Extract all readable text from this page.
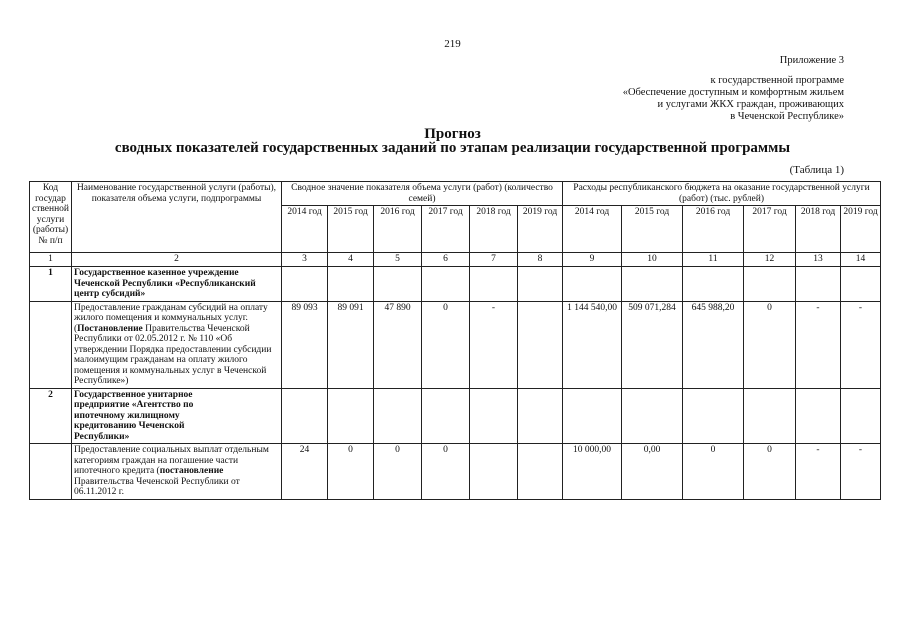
219
Приложение 3
к государственной программе
«Обеспечение доступным и комфортным жильем
и услугами ЖКХ граждан, проживающих
в Чеченской Республике»
Прогноз
сводных показателей государственных заданий по этапам реализации государственной программы
(Таблица 1)
Код государ ственной услуги (работы) № п/п	Наименование государственной услуги (работы), показателя объема услуги, подпрограммы	Сводное значение показателя объема услуги (работ) (количество семей)						Расходы республиканского бюджета на оказание государственной услуги (работ) (тыс. рублей)					
		2014 год	2015 год	2016 год	2017 год	2018 год	2019 год	2014 год	2015 год	2016 год	2017 год	2018 год	2019 год
1	2	3	4	5	6	7	8	9	10	11	12	13	14
1	Государственное казенное учреждение Чеченской Республики «Республиканский центр субсидий»												
	Предоставление гражданам субсидий на оплату жилого помещения и коммунальных услуг. (Постановление Правительства Чеченской Республики от 02.05.2012 г. № 110 «Об утверждении Порядка предоставлении субсидии малоимущим гражданам на оплату жилого помещения и коммунальных услуг в Чеченской Республике»)	89 093	89 091	47 890	0	-		1 144 540,00	509 071,284	645 988,20	0	-	-
2	Государственное унитарное предприятие «Агентство по ипотечному жилищному кредитованию Чеченской Республики»												
	Предоставление социальных выплат отдельным категориям граждан на погашение части ипотечного кредита (постановление Правительства Чеченской Республики от 06.11.2012 г.	24	0	0	0			10 000,00	0,00	0	0	-	-
